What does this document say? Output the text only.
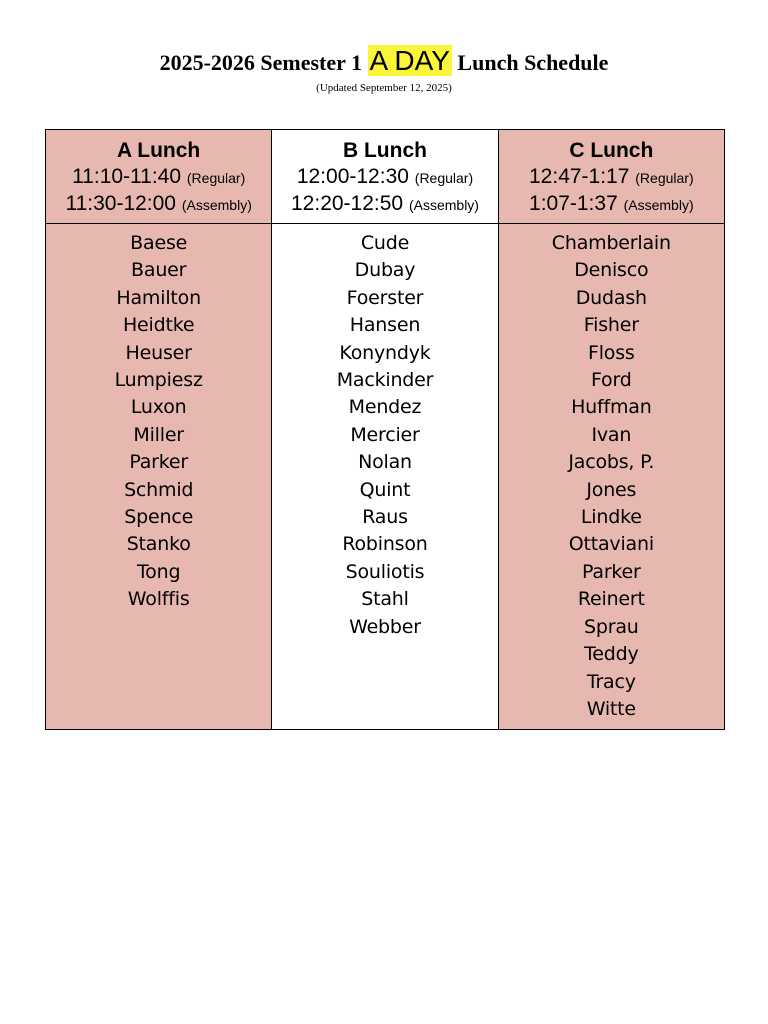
2025-2026 Semester 1 A DAY Lunch Schedule
(Updated September 12, 2025)
A Lunch
11:10-11:40 (Regular)
11:30-12:00 (Assembly)
Baese
Bauer
Hamilton
Heidtke
Heuser
Lumpiesz
Luxon
Miller
Parker
Schmid
Spence
Stanko
Tong
Wolffis
B Lunch
12:00-12:30 (Regular)
12:20-12:50 (Assembly)
Cude
Dubay
Foerster
Hansen
Konyndyk
Mackinder
Mendez
Mercier
Nolan
Quint
Raus
Robinson
Souliotis
Stahl
Webber
C Lunch
12:47-1:17 (Regular)
1:07-1:37 (Assembly)
Chamberlain
Denisco
Dudash
Fisher
Floss
Ford
Huffman
Ivan
Jacobs, P.
Jones
Lindke
Ottaviani
Parker
Reinert
Sprau
Teddy
Tracy
Witte
